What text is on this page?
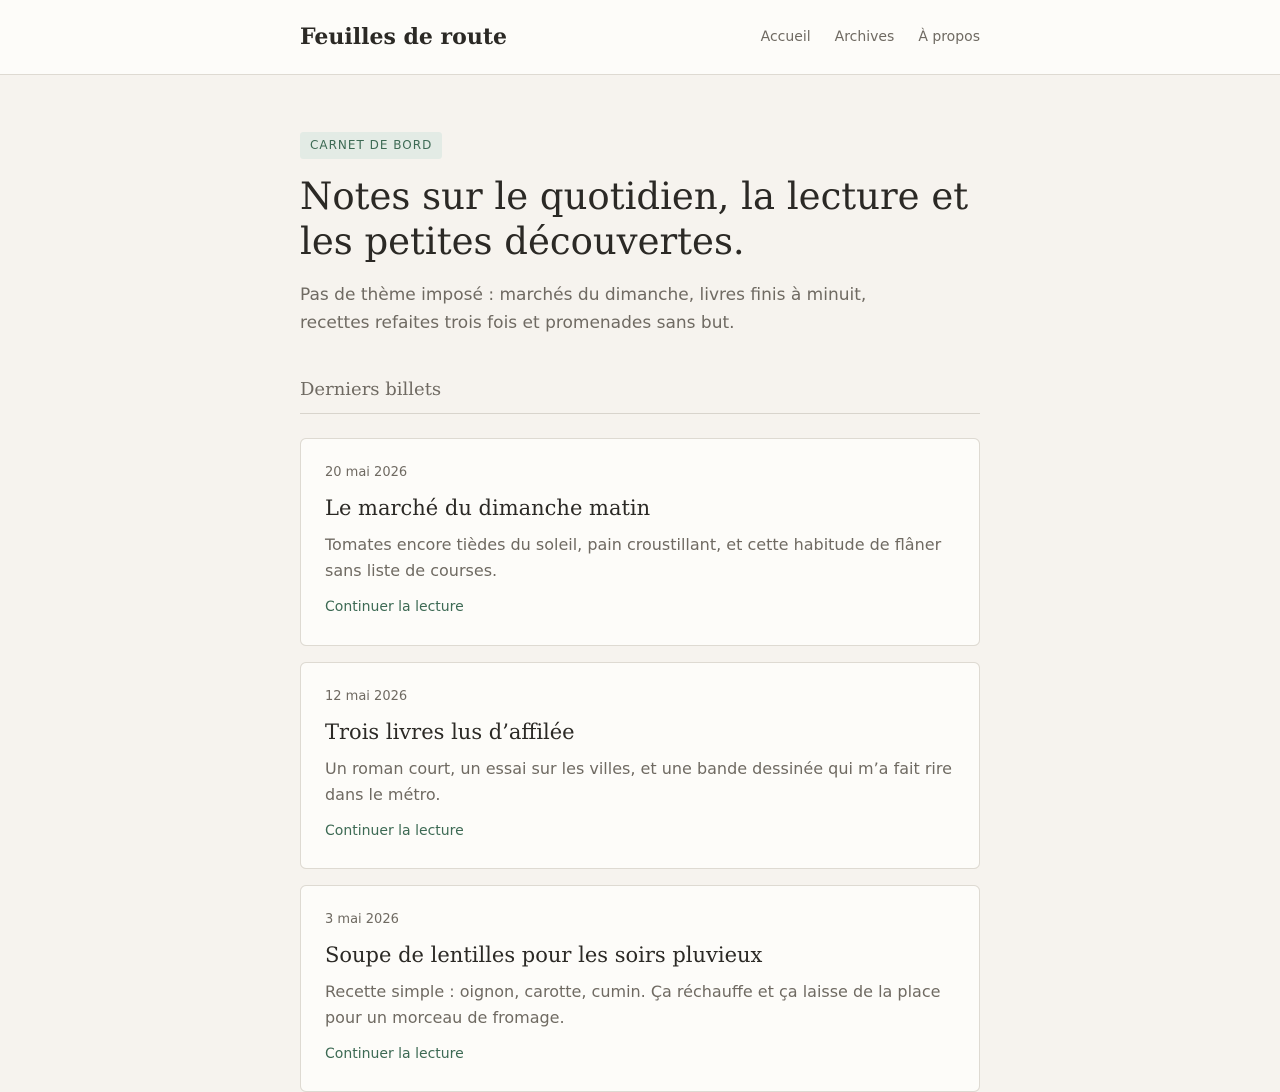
Feuilles de route	Accueil Archives À propos
CARNET DE BORD
Notes sur le quotidien, la lecture et les petites découvertes.

Pas de thème imposé : marchés du dimanche, livres finis à minuit, recettes refaites trois fois et promenades sans but.

Derniers billets

20 mai 2026

Le marché du dimanche matin

Tomates encore tièdes du soleil, pain croustillant, et cette habitude de flâner sans liste de courses.

Continuer la lecture

12 mai 2026

Trois livres lus d’affilée

Un roman court, un essai sur les villes, et une bande dessinée qui m’a fait rire dans le métro.

Continuer la lecture

3 mai 2026

Soupe de lentilles pour les soirs pluvieux

Recette simple : oignon, carotte, cumin. Ça réchauffe et ça laisse de la place pour un morceau de fromage.

Continuer la lecture
